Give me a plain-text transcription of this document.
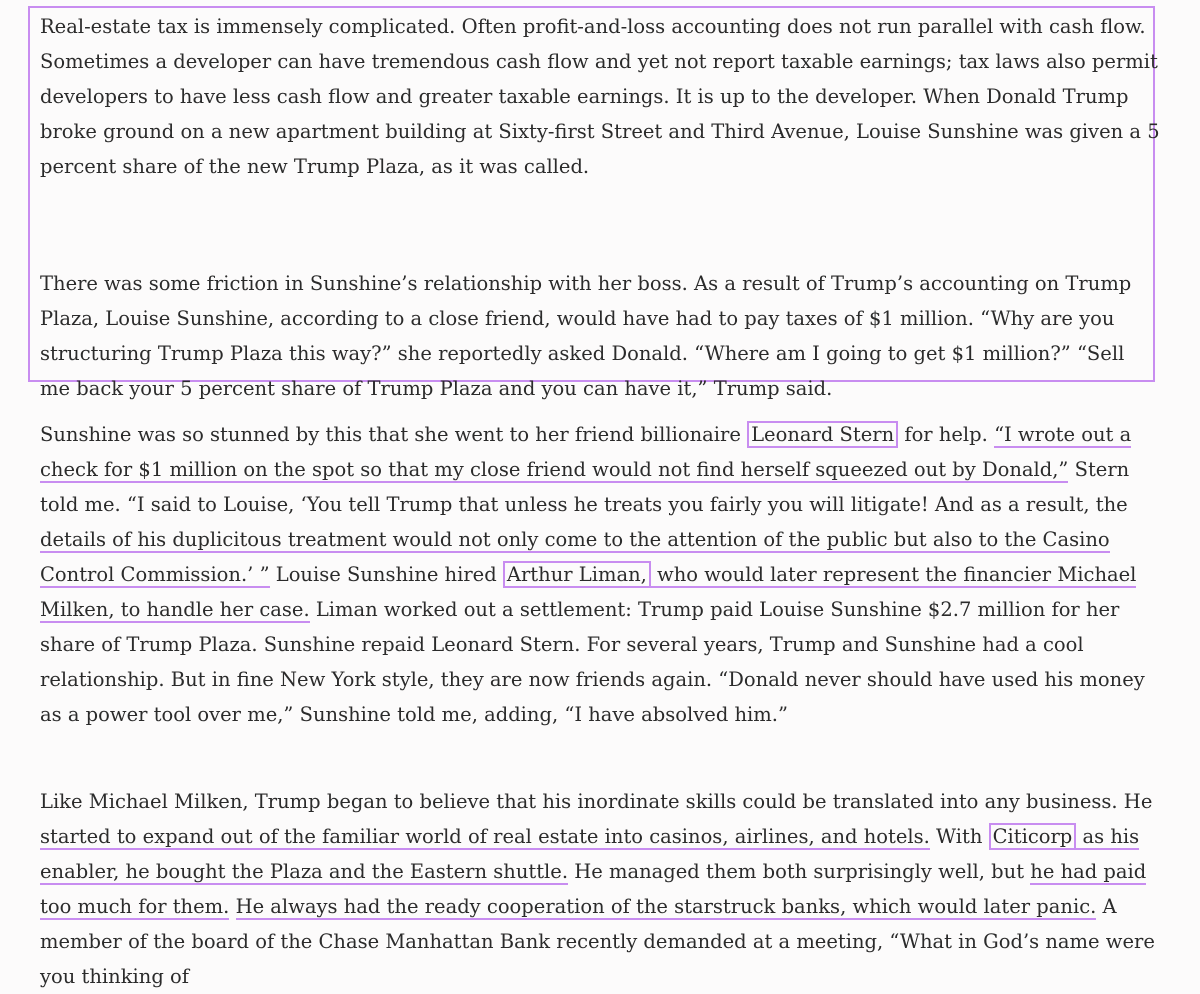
Real-estate tax is immensely complicated. Often profit-and-loss accounting does not run parallel with cash flow. Sometimes a developer can have tremendous cash flow and yet not report taxable earnings; tax laws also permit developers to have less cash flow and greater taxable earnings. It is up to the developer. When Donald Trump broke ground on a new apartment building at Sixty-first Street and Third Avenue, Louise Sunshine was given a 5 percent share of the new Trump Plaza, as it was called.

There was some friction in Sunshine’s relationship with her boss. As a result of Trump’s accounting on Trump Plaza, Louise Sunshine, according to a close friend, would have had to pay taxes of $1 million. “Why are you structuring Trump Plaza this way?” she reportedly asked Donald. “Where am I going to get $1 million?” “Sell me back your 5 percent share of Trump Plaza and you can have it,” Trump said.

Sunshine was so stunned by this that she went to her friend billionaire Leonard Stern for help. “I wrote out a check for $1 million on the spot so that my close friend would not find herself squeezed out by Donald,” Stern told me. “I said to Louise, ‘You tell Trump that unless he treats you fairly you will litigate! And as a result, the details of his duplicitous treatment would not only come to the attention of the public but also to the Casino Control Commission.’ ” Louise Sunshine hired Arthur Liman, who would later represent the financier Michael Milken, to handle her case. Liman worked out a settlement: Trump paid Louise Sunshine $2.7 million for her share of Trump Plaza. Sunshine repaid Leonard Stern. For several years, Trump and Sunshine had a cool relationship. But in fine New York style, they are now friends again. “Donald never should have used his money as a power tool over me,” Sunshine told me, adding, “I have absolved him.”

Like Michael Milken, Trump began to believe that his inordinate skills could be translated into any business. He started to expand out of the familiar world of real estate into casinos, airlines, and hotels. With Citicorp as his enabler, he bought the Plaza and the Eastern shuttle. He managed them both surprisingly well, but he had paid too much for them. He always had the ready cooperation of the starstruck banks, which would later panic. A member of the board of the Chase Manhattan Bank recently demanded at a meeting, “What in God’s name were you thinking of
